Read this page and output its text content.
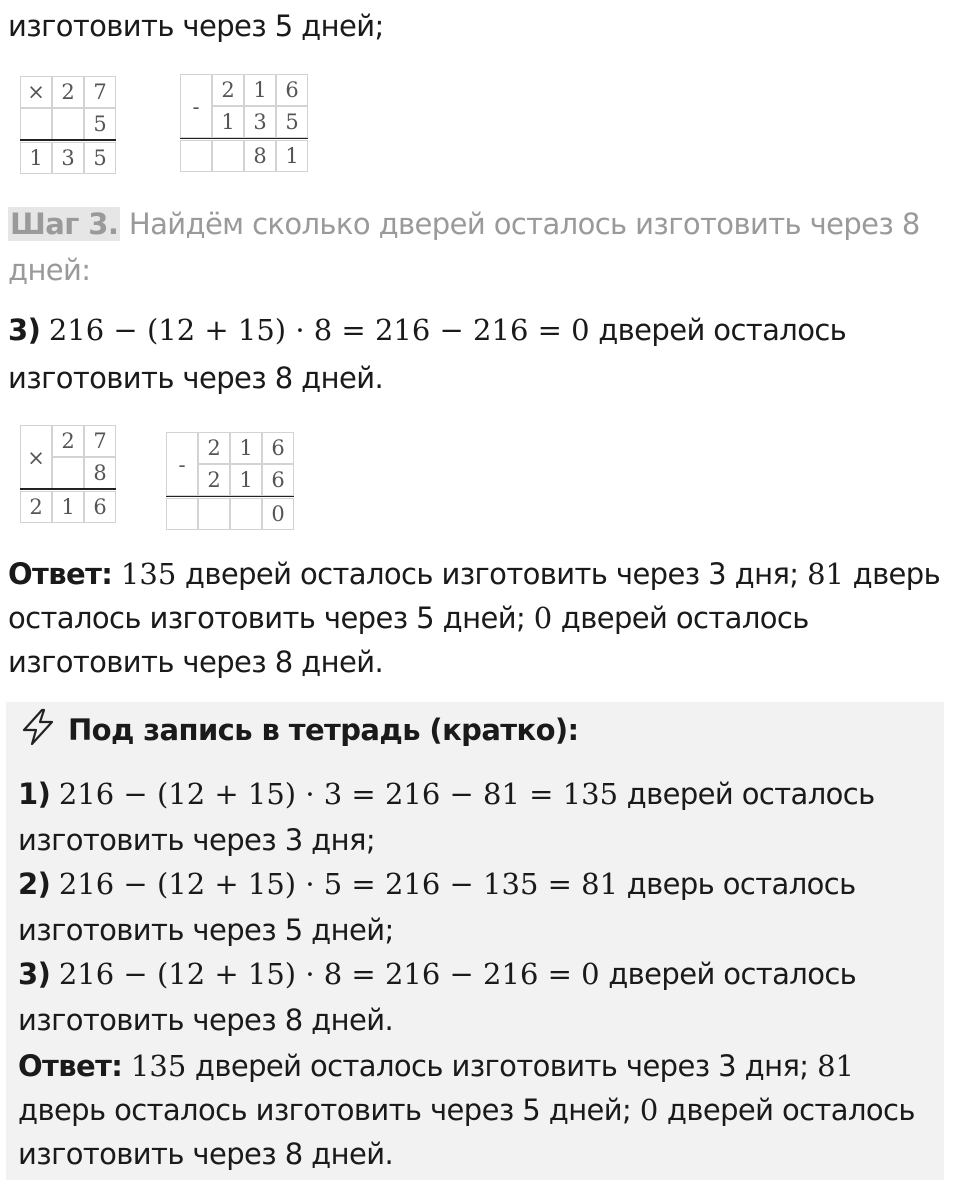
изготовить через 5 дней;
× 2 7
5
1 3 5
-
2 1 6
1 3 5
8 1
Шаг 3. Найдём сколько дверей осталось изготовить через 8
дней:
3) 216 − (12 + 15) · 8 = 216 − 216 = 0 дверей осталось
изготовить через 8 дней.
×
2 7
8
2 1 6
-
2 1 6
2 1 6
0
Ответ: 135 дверей осталось изготовить через 3 дня; 81 дверь
осталось изготовить через 5 дней; 0 дверей осталось
изготовить через 8 дней.
Под запись в тетрадь (кратко):
1) 216 − (12 + 15) · 3 = 216 − 81 = 135 дверей осталось
изготовить через 3 дня;
2) 216 − (12 + 15) · 5 = 216 − 135 = 81 дверь осталось
изготовить через 5 дней;
3) 216 − (12 + 15) · 8 = 216 − 216 = 0 дверей осталось
изготовить через 8 дней.
Ответ: 135 дверей осталось изготовить через 3 дня; 81
дверь осталось изготовить через 5 дней; 0 дверей осталось
изготовить через 8 дней.
